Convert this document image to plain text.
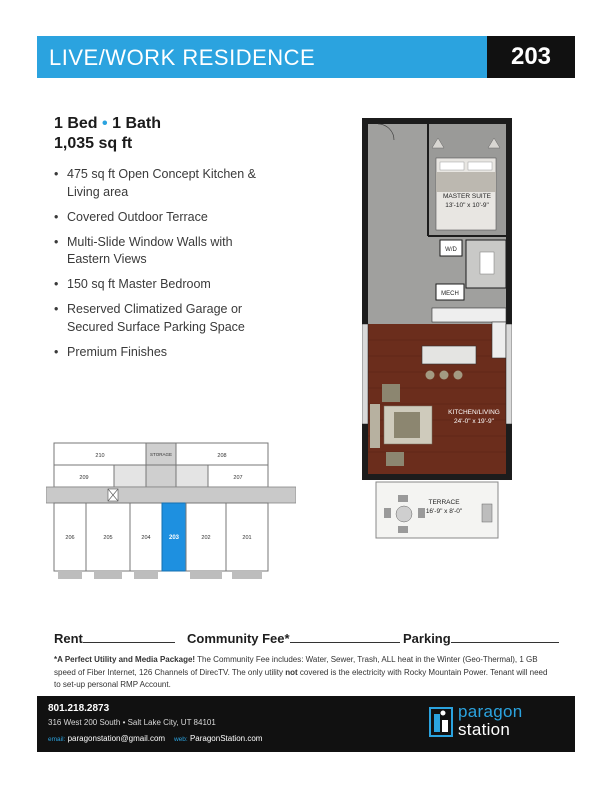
LIVE/WORK RESIDENCE	203
1 Bed • 1 Bath
1,035 sq ft
• 475 sq ft Open Concept Kitchen & Living area
• Covered Outdoor Terrace
• Multi-Slide Window Walls with Eastern Views
• 150 sq ft Master Bedroom
• Reserved Climatized Garage or Secured Surface Parking Space
• Premium Finishes
MASTER SUITE
13'-10" x 10'-9"
W/D
MECH
KITCHEN/LIVING
24'-0" x 19'-9"
TERRACE
16'-9" x 8'-0"
210	STORAGE	208
209	207
206	205	204	203	202	201
Rent	Community Fee*	Parking
*A Perfect Utility and Media Package! The Community Fee includes: Water, Sewer, Trash, ALL heat in the Winter (Geo-Thermal), 1 GB speed of Fiber Internet, 126 Channels of DirecTV. The only utility not covered is the electricity with Rocky Mountain Power. Tenant will need to set-up personal RMP Account.
801.218.2873
316 West 200 South • Salt Lake City, UT 84101
email: paragonstation@gmail.com web: ParagonStation.com
paragon
station
